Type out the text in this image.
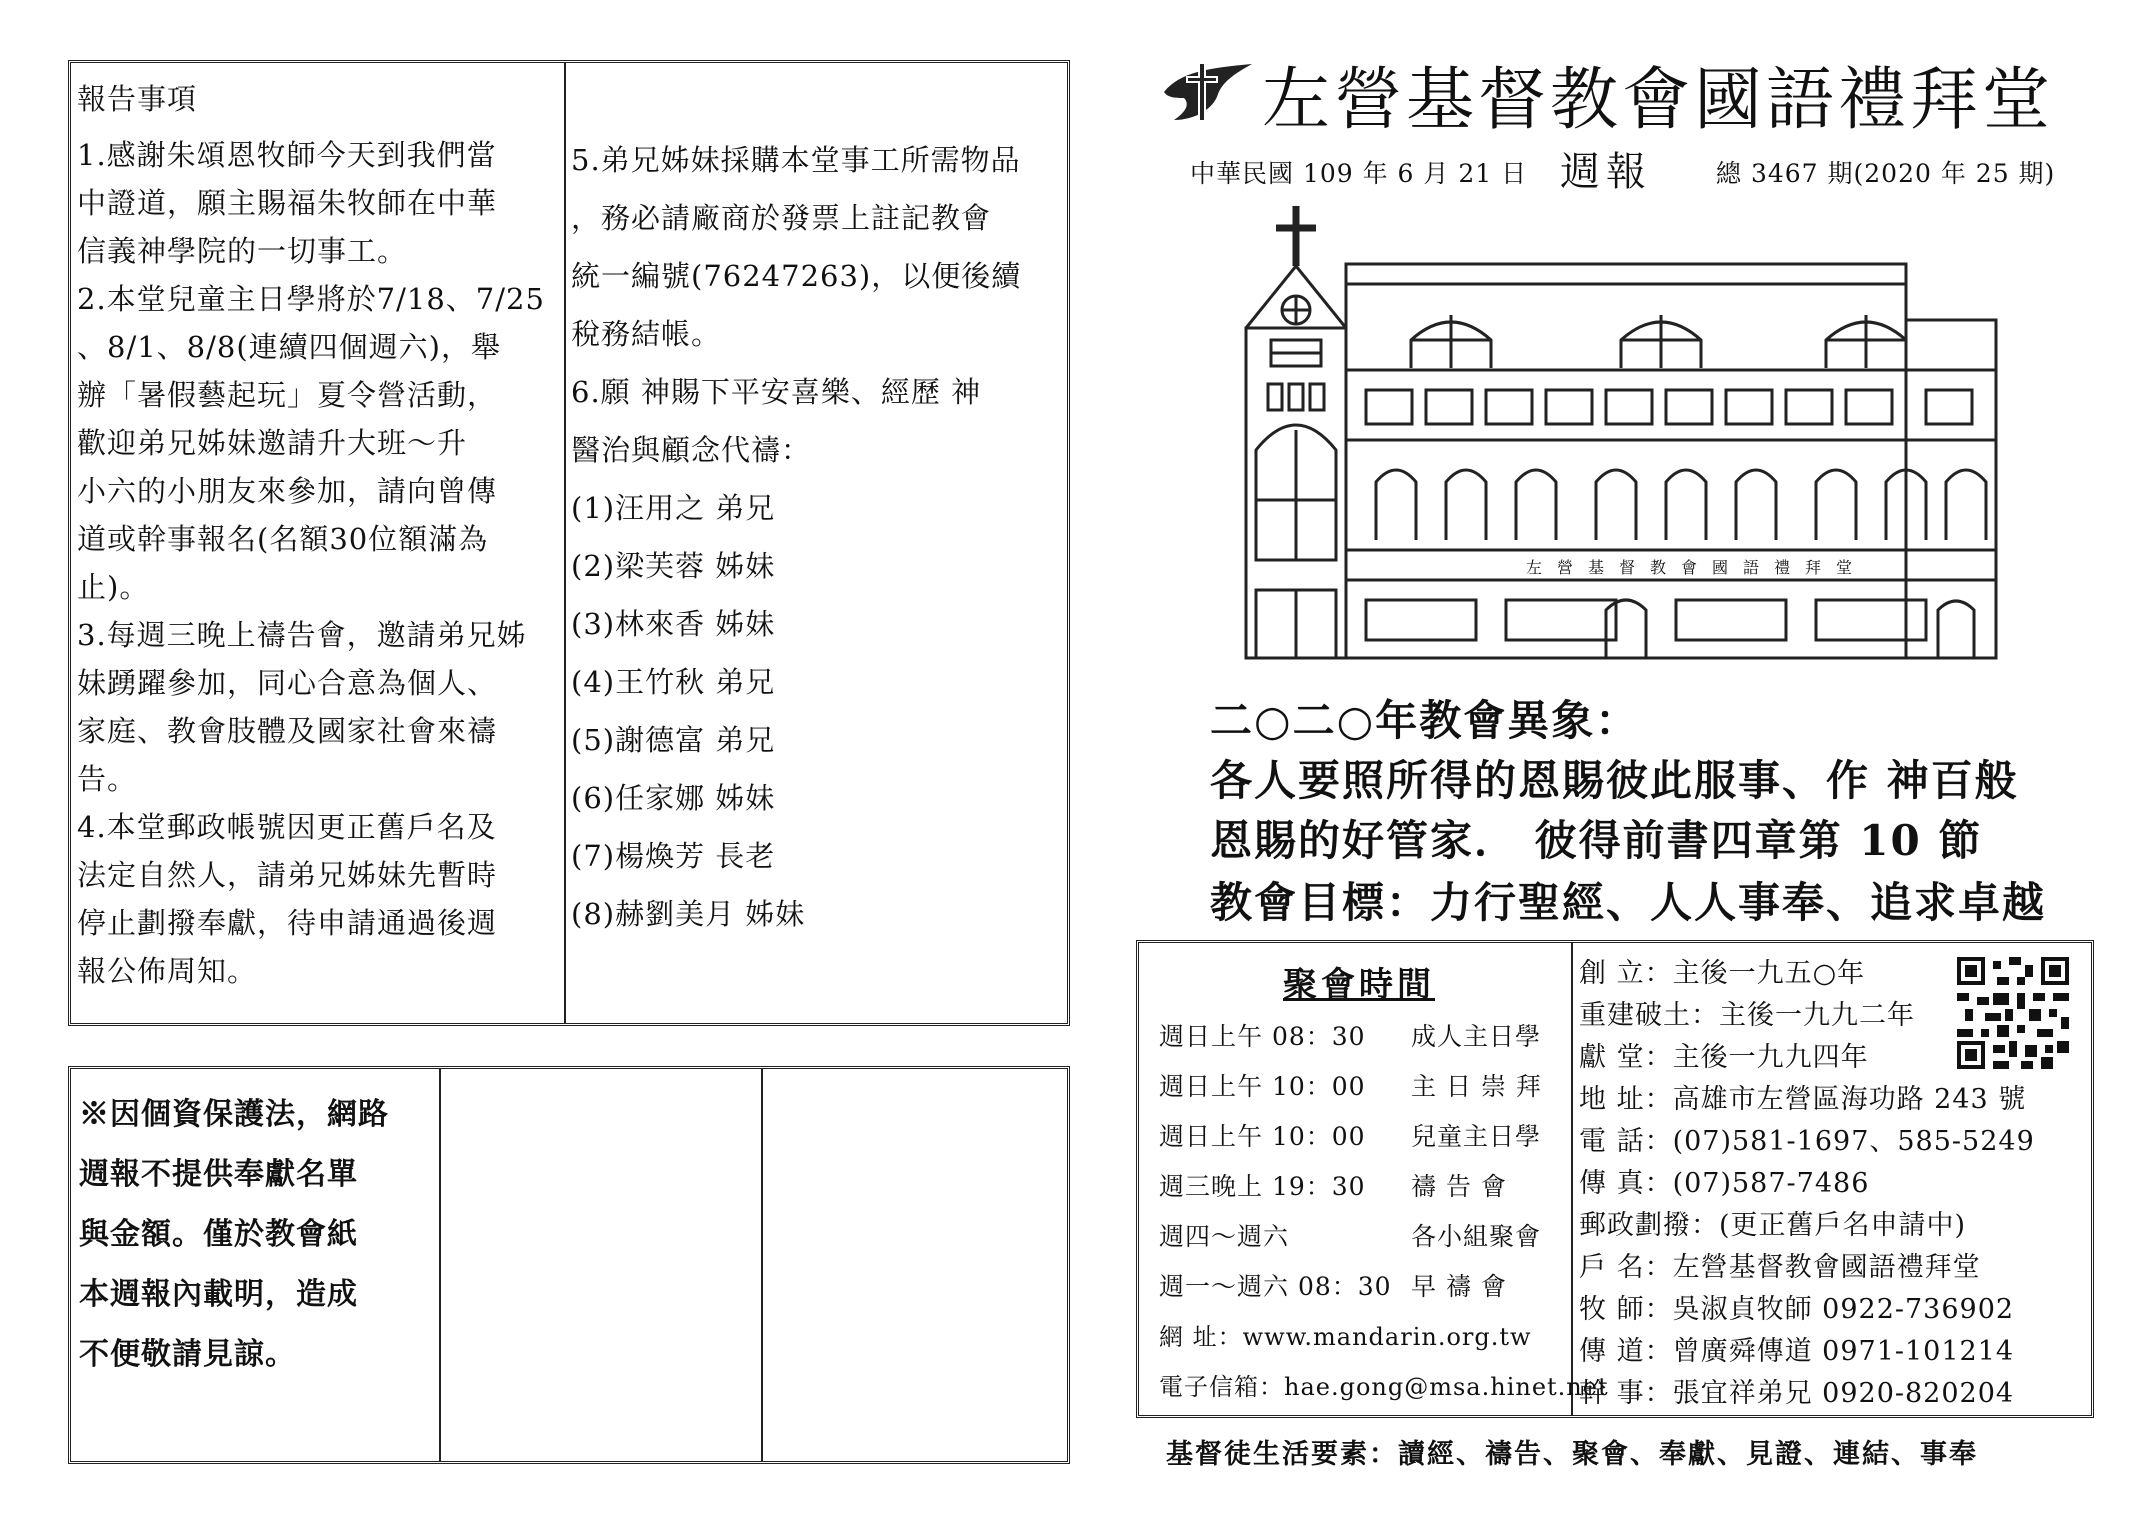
報告事項
1.感謝朱頌恩牧師今天到我們當
中證道，願主賜福朱牧師在中華
信義神學院的一切事工。
2.本堂兒童主日學將於7/18、7/25
、8/1、8/8(連續四個週六)，舉
辦「暑假藝起玩」夏令營活動，
歡迎弟兄姊妹邀請升大班～升
小六的小朋友來參加，請向曾傳
道或幹事報名(名額30位額滿為
止)。
3.每週三晚上禱告會，邀請弟兄姊
妹踴躍參加，同心合意為個人、
家庭、教會肢體及國家社會來禱
告。
4.本堂郵政帳號因更正舊戶名及
法定自然人，請弟兄姊妹先暫時
停止劃撥奉獻，待申請通過後週
報公佈周知。
5.弟兄姊妹採購本堂事工所需物品
，務必請廠商於發票上註記教會
統一編號(76247263)，以便後續
稅務結帳。
6.願 神賜下平安喜樂、經歷 神
醫治與顧念代禱：
(1)汪用之 弟兄
(2)梁芙蓉 姊妹
(3)林來香 姊妹
(4)王竹秋 弟兄
(5)謝德富 弟兄
(6)任家娜 姊妹
(7)楊煥芳 長老
(8)赫劉美月 姊妹
※因個資保護法，網路
週報不提供奉獻名單
與金額。僅於教會紙
本週報內載明，造成
不便敬請見諒。
左營基督教會國語禮拜堂
中華民國 109 年 6 月 21 日 週報	總 3467 期(2020 年 25 期)
左營基督教會國語禮拜堂
二○二○年教會異象：
各人要照所得的恩賜彼此服事、作 神百般
恩賜的好管家． 彼得前書四章第 10 節
教會目標：力行聖經、人人事奉、追求卓越
聚會時間
週日上午 08：30 成人主日學
週日上午 10：00 主 日 崇 拜
週日上午 10：00 兒童主日學
週三晚上 19：30 禱 告 會
週四～週六	各小組聚會
週一～週六 08：30 早 禱 會
網 址：www.mandarin.org.tw
電子信箱：hae.gong@msa.hinet.net
創 立：主後一九五○年
重建破土：主後一九九二年
獻 堂：主後一九九四年
地 址：高雄市左營區海功路 243 號
電 話：(07)581-1697、585-5249
傳 真：(07)587-7486
郵政劃撥：(更正舊戶名申請中)
戶 名：左營基督教會國語禮拜堂
牧 師：吳淑貞牧師 0922-736902
傳 道：曾廣舜傳道 0971-101214
幹 事：張宜祥弟兄 0920-820204
基督徒生活要素：讀經、禱告、聚會、奉獻、見證、連結、事奉
